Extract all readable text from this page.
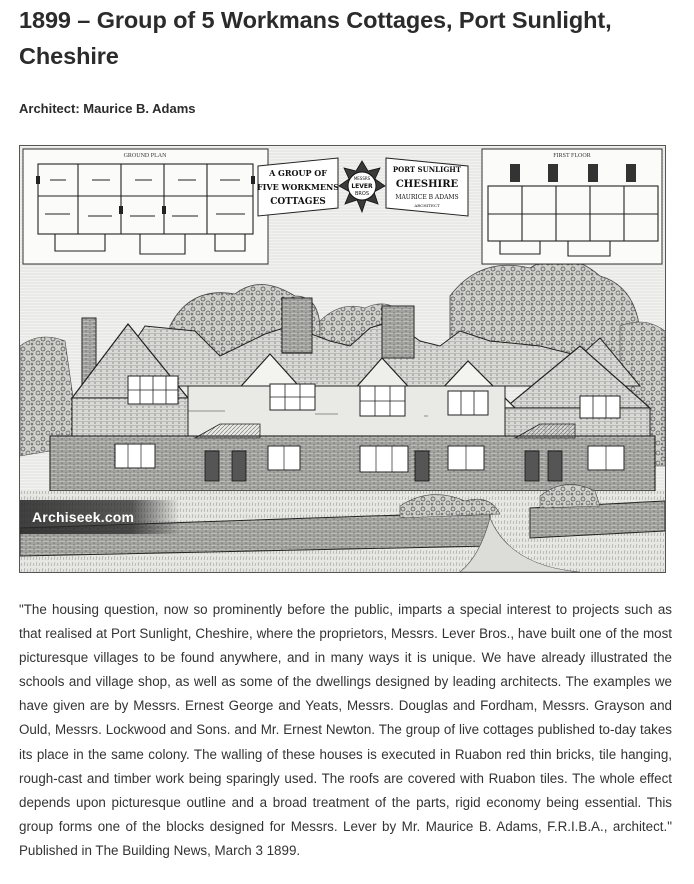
1899 – Group of 5 Workmans Cottages, Port Sunlight, Cheshire

Architect: Maurice B. Adams

GROUND PLAN	FIRST FLOOR
A GROUP OF
FIVE WORKMENS
COTTAGES
MESSRS
LEVER
BROS
PORT SUNLIGHT
CHESHIRE
MAURICE B ADAMS
ARCHITECT
Archiseek.com

"The housing question, now so prominently before the public, imparts a special interest to projects such as that realised at Port Sunlight, Cheshire, where the proprietors, Messrs. Lever Bros., have built one of the most picturesque villages to be found anywhere, and in many ways it is unique. We have already illustrated the schools and village shop, as well as some of the dwellings designed by leading architects. The examples we have given are by Messrs. Ernest George and Yeats, Messrs. Douglas and Fordham, Messrs. Grayson and Ould, Messrs. Lockwood and Sons. and Mr. Ernest Newton. The group of live cottages published to-day takes its place in the same colony. The walling of these houses is executed in Ruabon red thin bricks, tile hanging, rough-cast and timber work being sparingly used. The roofs are covered with Ruabon tiles. The whole effect depends upon picturesque outline and a broad treatment of the parts, rigid economy being essential. This group forms one of the blocks designed for Messrs. Lever by Mr. Maurice B. Adams, F.R.I.B.A., architect." Published in The Building News, March 3 1899.
